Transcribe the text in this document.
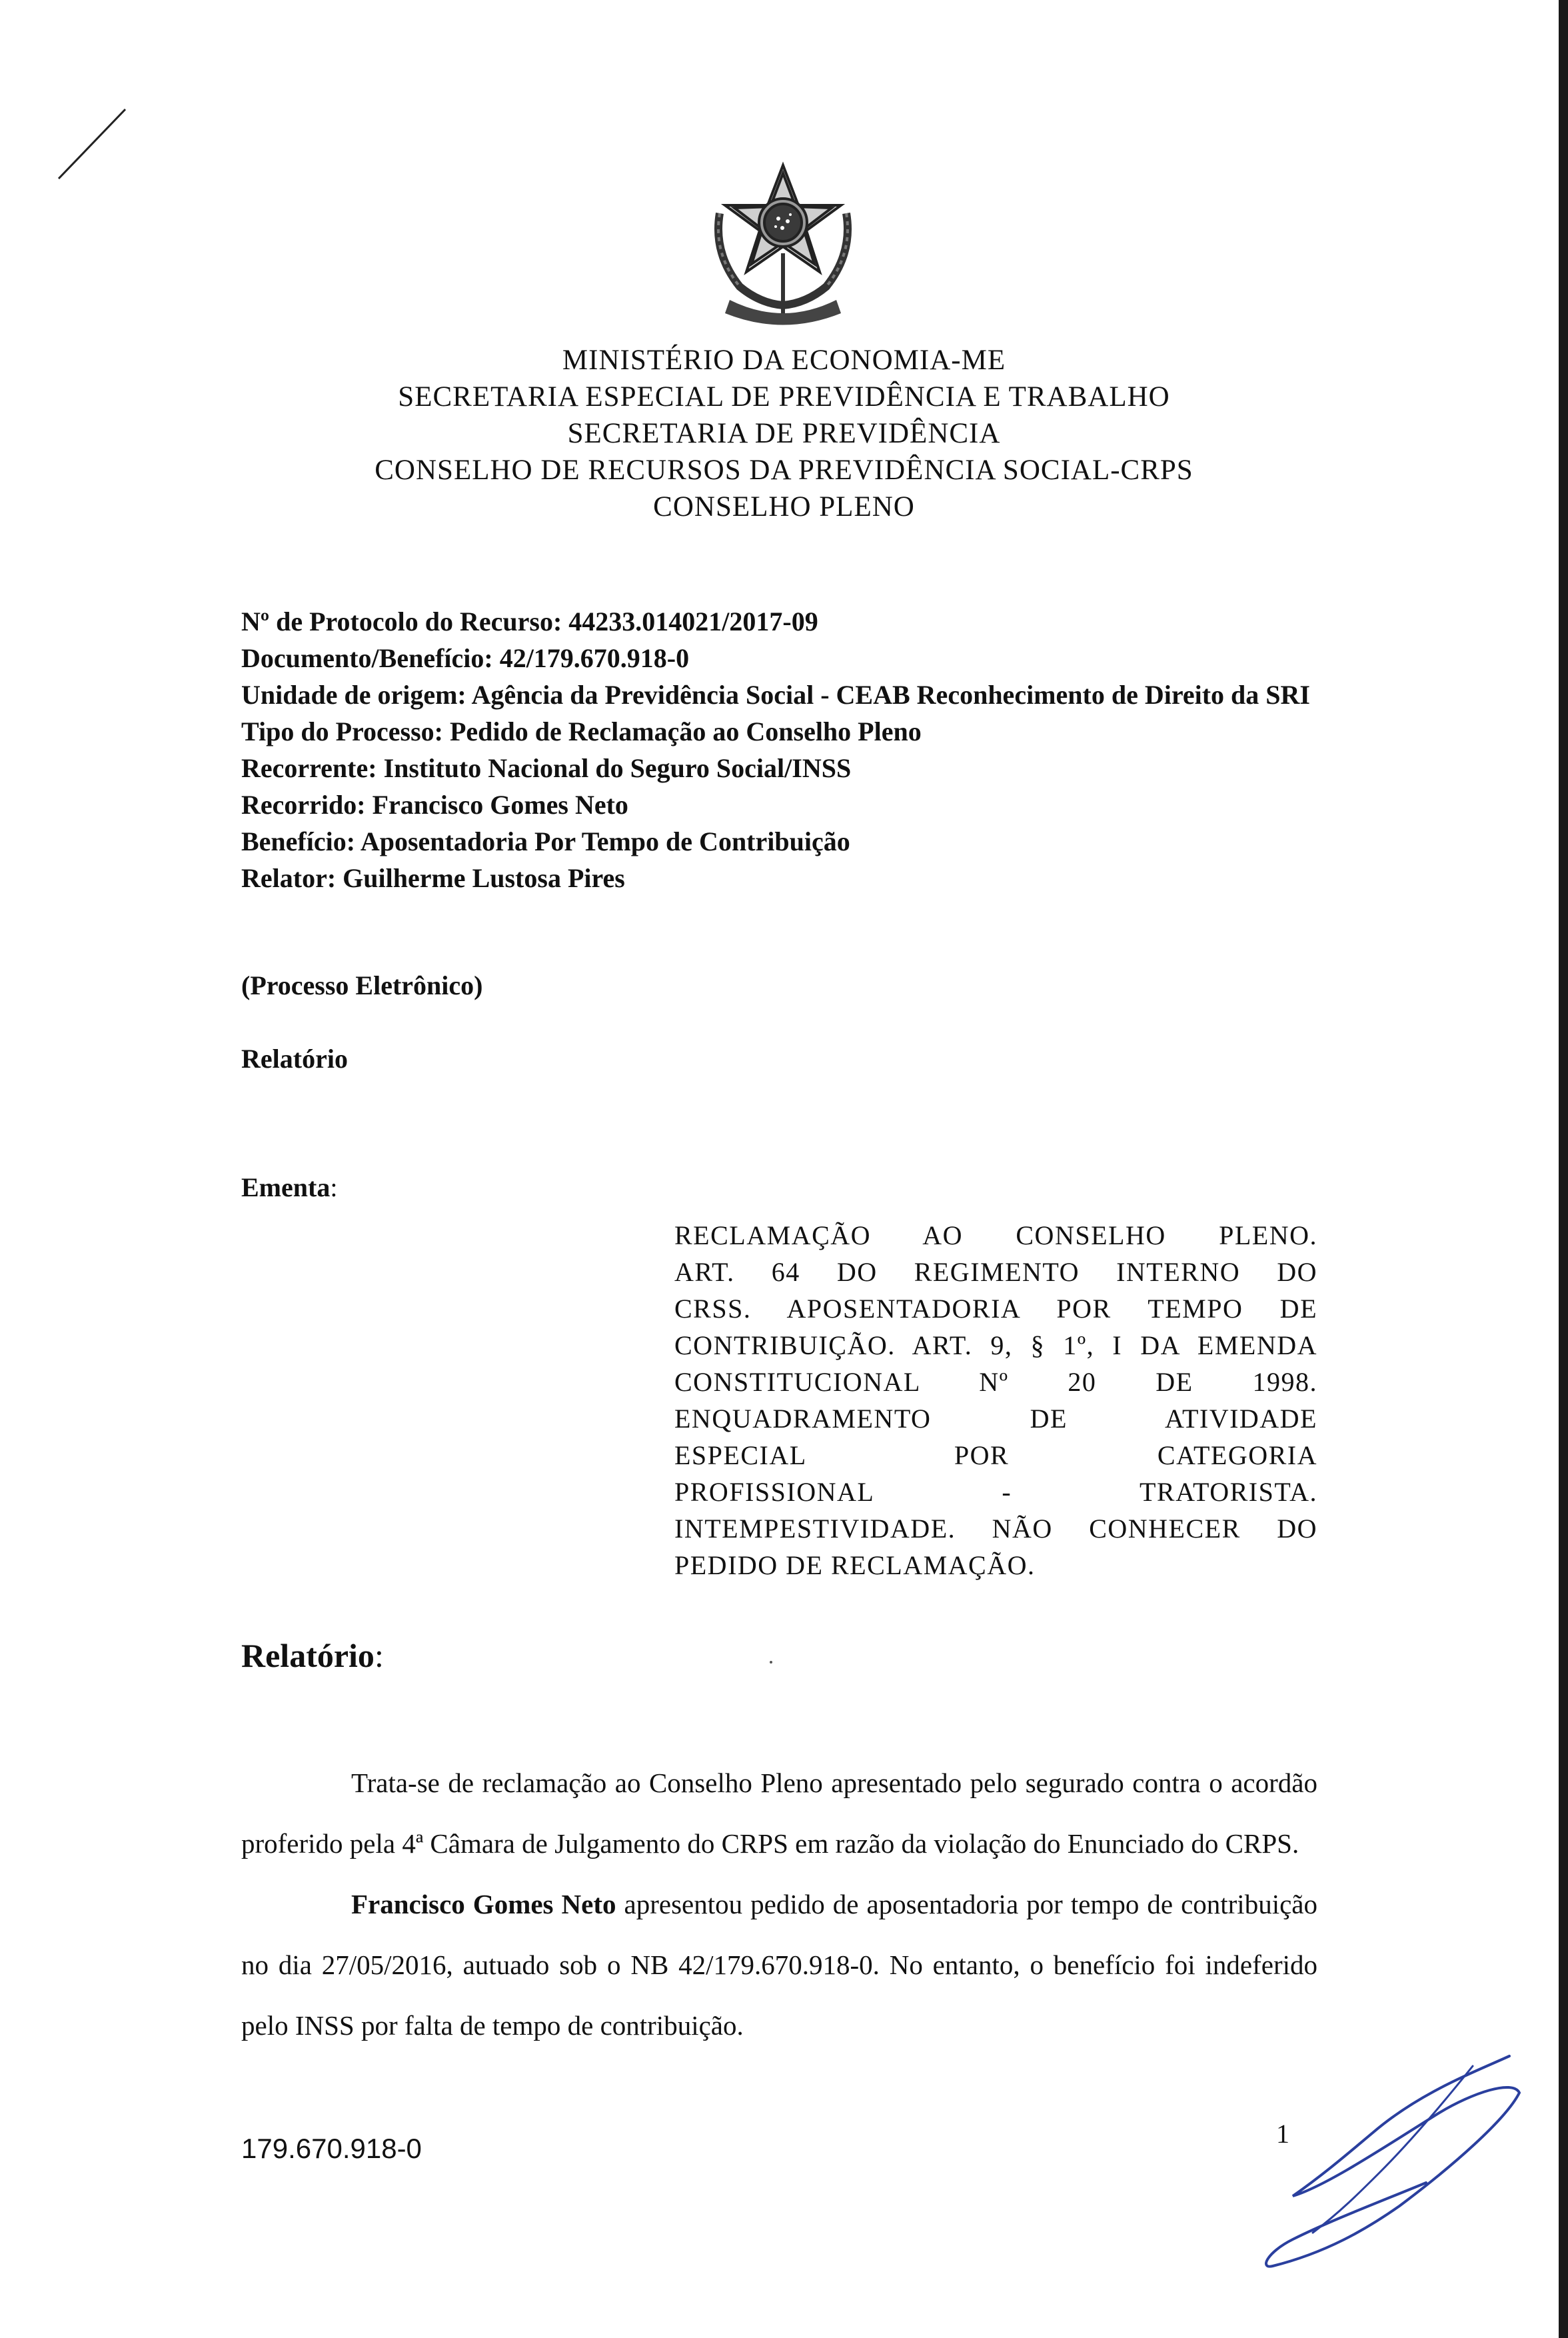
MINISTÉRIO DA ECONOMIA-ME
SECRETARIA ESPECIAL DE PREVIDÊNCIA E TRABALHO
SECRETARIA DE PREVIDÊNCIA
CONSELHO DE RECURSOS DA PREVIDÊNCIA SOCIAL-CRPS
CONSELHO PLENO
Nº de Protocolo do Recurso: 44233.014021/2017-09
Documento/Benefício: 42/179.670.918-0
Unidade de origem: Agência da Previdência Social - CEAB Reconhecimento de Direito da SRI
Tipo do Processo: Pedido de Reclamação ao Conselho Pleno
Recorrente: Instituto Nacional do Seguro Social/INSS
Recorrido: Francisco Gomes Neto
Benefício: Aposentadoria Por Tempo de Contribuição
Relator: Guilherme Lustosa Pires
(Processo Eletrônico)
Relatório
Ementa:
RECLAMAÇÃO AO CONSELHO PLENO.
ART. 64 DO REGIMENTO INTERNO DO
CRSS. APOSENTADORIA POR TEMPO DE
CONTRIBUIÇÃO. ART. 9, § 1º, I DA EMENDA
CONSTITUCIONAL Nº 20 DE 1998.
ENQUADRAMENTO DE ATIVIDADE
ESPECIAL POR CATEGORIA
PROFISSIONAL - TRATORISTA.
INTEMPESTIVIDADE. NÃO CONHECER DO
PEDIDO DE RECLAMAÇÃO.
Relatório:

Trata-se de reclamação ao Conselho Pleno apresentado pelo segurado contra o acordão proferido pela 4ª Câmara de Julgamento do CRPS em razão da violação do Enunciado do CRPS.

Francisco Gomes Neto apresentou pedido de aposentadoria por tempo de contribuição no dia 27/05/2016, autuado sob o NB 42/179.670.918-0. No entanto, o benefício foi indeferido pelo INSS por falta de tempo de contribuição.

179.670.918-0	1
